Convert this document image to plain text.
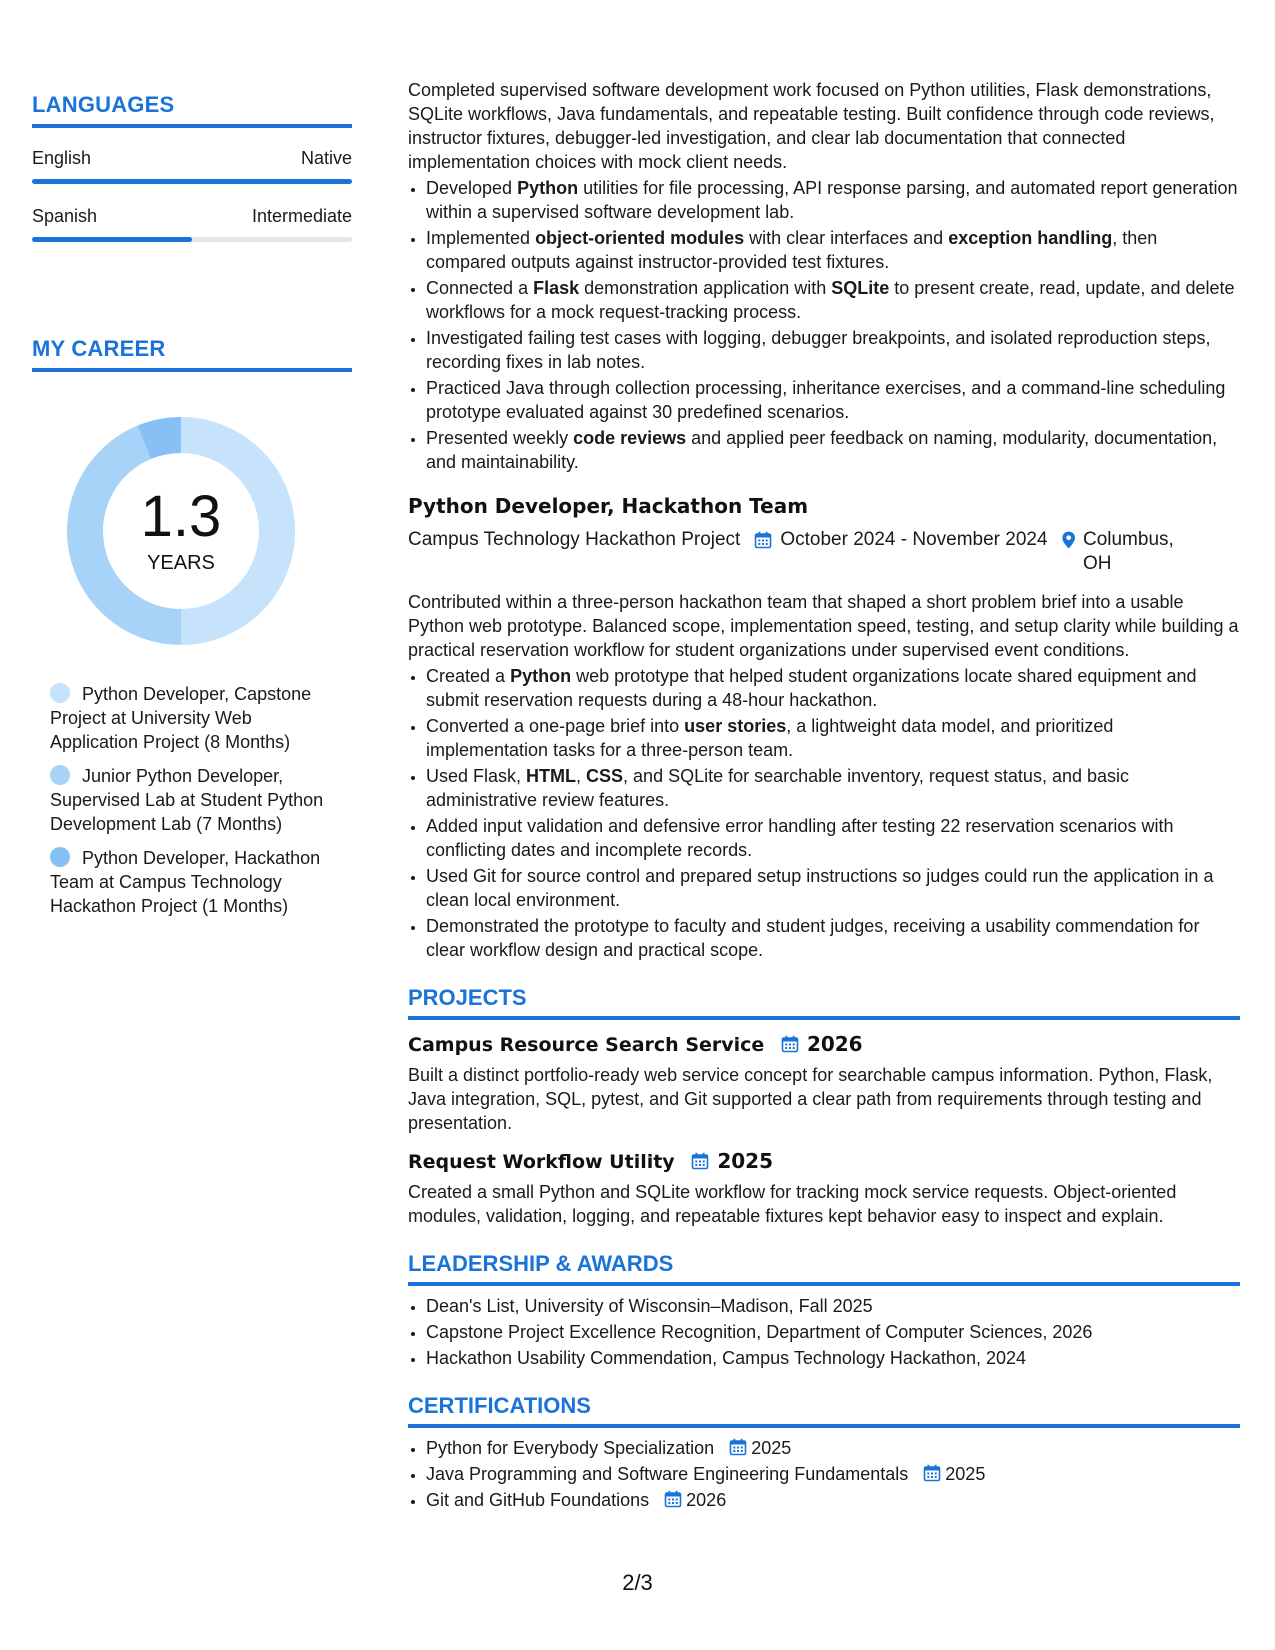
LANGUAGES
English	Native
Spanish	Intermediate
MY CAREER
1.3
YEARS
Python Developer, Capstone Project at University Web Application Project (8 Months)
Junior Python Developer, Supervised Lab at Student Python Development Lab (7 Months)
Python Developer, Hackathon Team at Campus Technology Hackathon Project (1 Months)

Completed supervised software development work focused on Python utilities, Flask demonstrations, SQLite workflows, Java fundamentals, and repeatable testing. Built confidence through code reviews, instructor fixtures, debugger-led investigation, and clear lab documentation that connected implementation choices with mock client needs.

• Developed Python utilities for file processing, API response parsing, and automated report generation within a supervised software development lab.
• Implemented object-oriented modules with clear interfaces and exception handling, then compared outputs against instructor-provided test fixtures.
• Connected a Flask demonstration application with SQLite to present create, read, update, and delete workflows for a mock request-tracking process.
• Investigated failing test cases with logging, debugger breakpoints, and isolated reproduction steps, recording fixes in lab notes.
• Practiced Java through collection processing, inheritance exercises, and a command-line scheduling prototype evaluated against 30 predefined scenarios.
• Presented weekly code reviews and applied peer feedback on naming, modularity, documentation, and maintainability.
Python Developer, Hackathon Team
Campus Technology Hackathon Project October 2024 - November 2024 Columbus, OH

Contributed within a three-person hackathon team that shaped a short problem brief into a usable Python web prototype. Balanced scope, implementation speed, testing, and setup clarity while building a practical reservation workflow for student organizations under supervised event conditions.

• Created a Python web prototype that helped student organizations locate shared equipment and submit reservation requests during a 48-hour hackathon.
• Converted a one-page brief into user stories, a lightweight data model, and prioritized implementation tasks for a three-person team.
• Used Flask, HTML, CSS, and SQLite for searchable inventory, request status, and basic administrative review features.
• Added input validation and defensive error handling after testing 22 reservation scenarios with conflicting dates and incomplete records.
• Used Git for source control and prepared setup instructions so judges could run the application in a clean local environment.
• Demonstrated the prototype to faculty and student judges, receiving a usability commendation for clear workflow design and practical scope.
PROJECTS
Campus Resource Search Service 2026

Built a distinct portfolio-ready web service concept for searchable campus information. Python, Flask, Java integration, SQL, pytest, and Git supported a clear path from requirements through testing and presentation.

Request Workflow Utility 2025

Created a small Python and SQLite workflow for tracking mock service requests. Object-oriented modules, validation, logging, and repeatable fixtures kept behavior easy to inspect and explain.

LEADERSHIP & AWARDS
• Dean's List, University of Wisconsin–Madison, Fall 2025
• Capstone Project Excellence Recognition, Department of Computer Sciences, 2026
• Hackathon Usability Commendation, Campus Technology Hackathon, 2024
CERTIFICATIONS
• Python for Everybody Specialization 2025
• Java Programming and Software Engineering Fundamentals 2025
• Git and GitHub Foundations 2026
2/3
